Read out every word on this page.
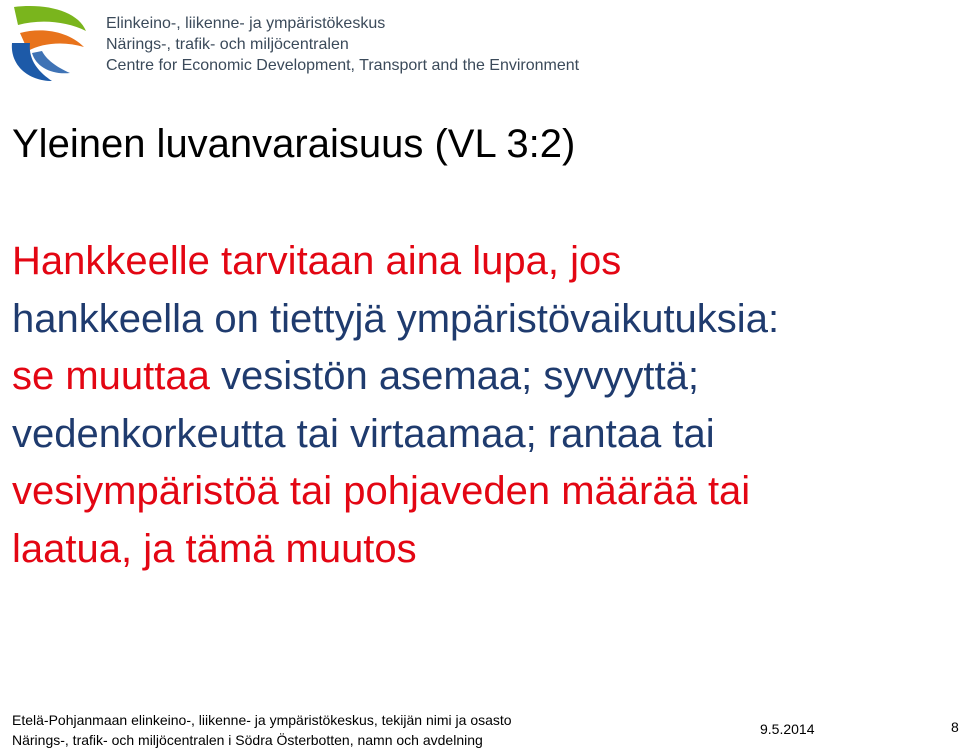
Elinkeino-, liikenne- ja ympäristökeskus
Närings-, trafik- och miljöcentralen
Centre for Economic Development, Transport and the Environment
Yleinen luvanvaraisuus (VL 3:2)
Hankkeelle tarvitaan aina lupa, jos
hankkeella on tiettyjä ympäristövaikutuksia:
se muuttaa vesistön asemaa; syvyyttä;
vedenkorkeutta tai virtaamaa; rantaa tai
vesiympäristöä tai pohjaveden määrää tai
laatua, ja tämä muutos
Etelä-Pohjanmaan elinkeino-, liikenne- ja ympäristökeskus, tekijän nimi ja osasto
Närings-, trafik- och miljöcentralen i Södra Österbotten, namn och avdelning
9.5.2014	8
